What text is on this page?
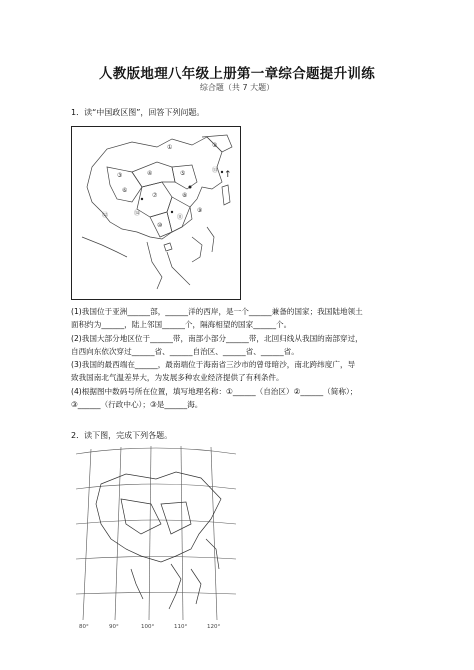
人教版地理八年级上册第一章综合题提升训练
综合题（共 7 大题）
1．读“中国政区图”，回答下列问题。
①	②
③	④	⑤
⑥
⑦	⑧
⑨
⑩
⑪
⑫
⑬
⑭
↑
(1)我国位于亚洲______部，______洋的西岸，是一个______兼备的国家；我国陆地领土
面积约为______，陆上邻国______个，隔海相望的国家______个。
(2)我国大部分地区位于______带，南部小部分______带，北回归线从我国的南部穿过，
自西向东依次穿过______省、______自治区、______省、______省。
(3)我国的最西端在______，最南端位于海南省三沙市的曾母暗沙，南北跨纬度广，导
致我国南北气温差异大，为发展多种农业经济提供了有利条件。
(4)根据图中数码号所在位置，填写地理名称：①______（自治区）②______（简称）；
③______（行政中心）；③是______海。
2．读下图，完成下列各题。
80°	90°	100°	110°	120°
